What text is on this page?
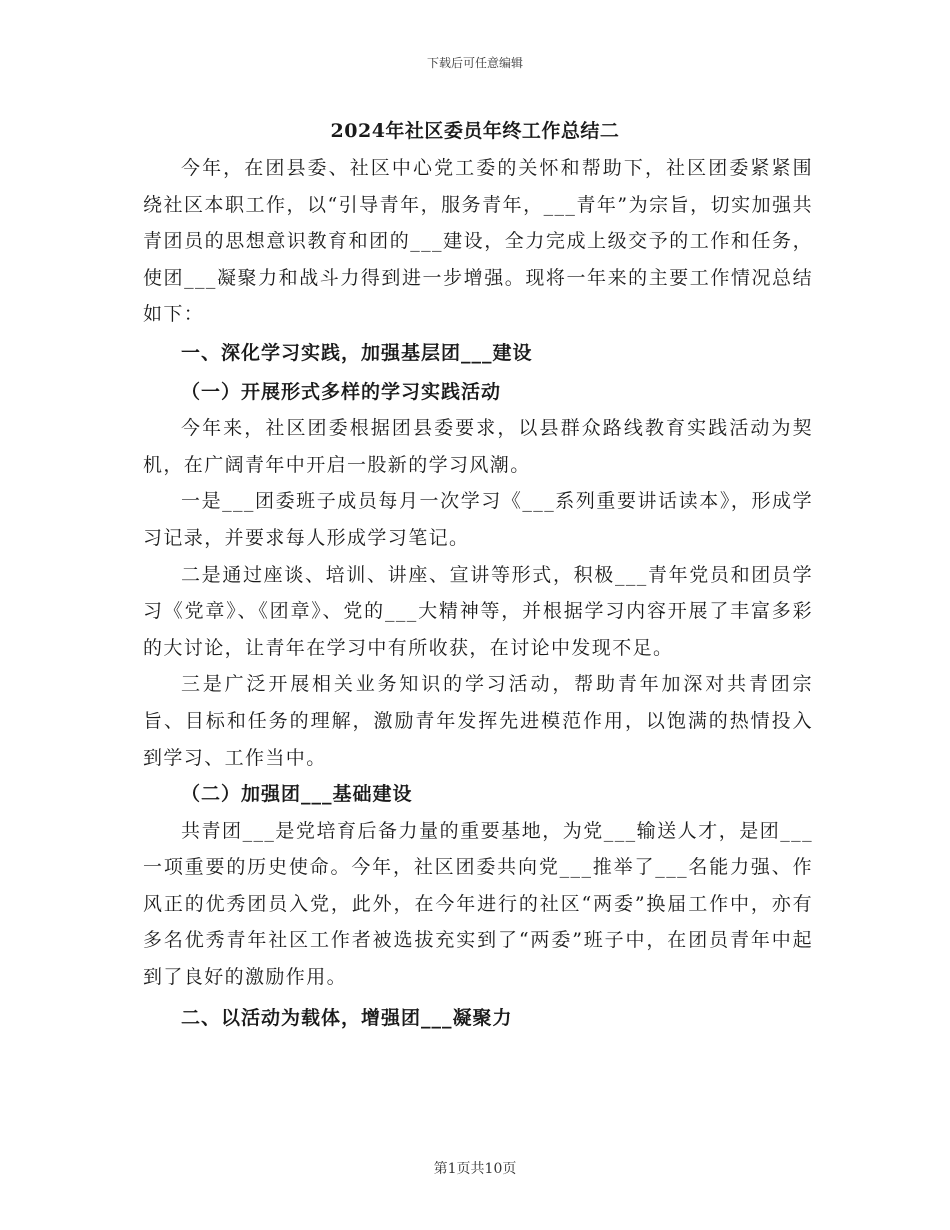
下载后可任意编辑
2024年社区委员年终工作总结二

今年，在团县委、社区中心党工委的关怀和帮助下，社区团委紧紧围绕社区本职工作，以“引导青年，服务青年，___青年”为宗旨，切实加强共青团员的思想意识教育和团的___建设，全力完成上级交予的工作和任务，使团___凝聚力和战斗力得到进一步增强。现将一年来的主要工作情况总结如下：

一、深化学习实践，加强基层团___建设

（一）开展形式多样的学习实践活动

今年来，社区团委根据团县委要求，以县群众路线教育实践活动为契机，在广阔青年中开启一股新的学习风潮。

一是___团委班子成员每月一次学习《___系列重要讲话读本》，形成学习记录，并要求每人形成学习笔记。

二是通过座谈、培训、讲座、宣讲等形式，积极___青年党员和团员学习《党章》、《团章》、党的___大精神等，并根据学习内容开展了丰富多彩的大讨论，让青年在学习中有所收获，在讨论中发现不足。

三是广泛开展相关业务知识的学习活动，帮助青年加深对共青团宗旨、目标和任务的理解，激励青年发挥先进模范作用，以饱满的热情投入到学习、工作当中。

（二）加强团___基础建设

共青团___是党培育后备力量的重要基地，为党___输送人才，是团___一项重要的历史使命。今年，社区团委共向党___推举了___名能力强、作风正的优秀团员入党，此外，在今年进行的社区“两委”换届工作中，亦有多名优秀青年社区工作者被选拔充实到了“两委”班子中，在团员青年中起到了良好的激励作用。

二、以活动为载体，增强团___凝聚力

第1页共10页
